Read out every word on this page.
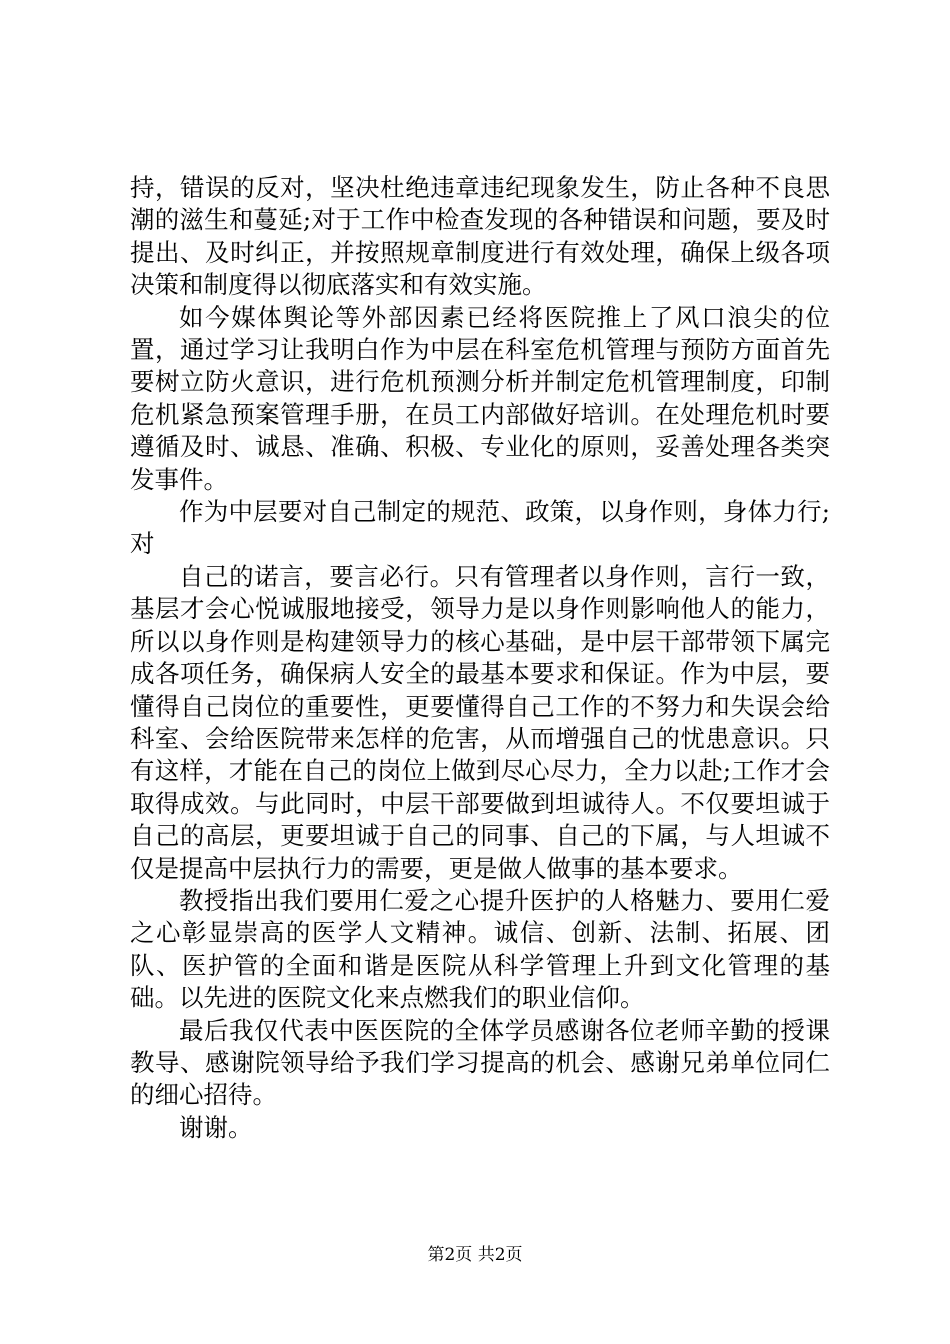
持，错误的反对，坚决杜绝违章违纪现象发生，防止各种不良思潮的滋生和蔓延;对于工作中检查发现的各种错误和问题，要及时提出、及时纠正，并按照规章制度进行有效处理，确保上级各项决策和制度得以彻底落实和有效实施。

如今媒体舆论等外部因素已经将医院推上了风口浪尖的位置，通过学习让我明白作为中层在科室危机管理与预防方面首先要树立防火意识，进行危机预测分析并制定危机管理制度，印制危机紧急预案管理手册，在员工内部做好培训。在处理危机时要遵循及时、诚恳、准确、积极、专业化的原则，妥善处理各类突发事件。

作为中层要对自己制定的规范、政策，以身作则，身体力行;对

自己的诺言，要言必行。只有管理者以身作则，言行一致，基层才会心悦诚服地接受，领导力是以身作则影响他人的能力，所以以身作则是构建领导力的核心基础，是中层干部带领下属完成各项任务，确保病人安全的最基本要求和保证。作为中层，要懂得自己岗位的重要性，更要懂得自己工作的不努力和失误会给科室、会给医院带来怎样的危害，从而增强自己的忧患意识。只有这样，才能在自己的岗位上做到尽心尽力，全力以赴;工作才会取得成效。与此同时，中层干部要做到坦诚待人。不仅要坦诚于自己的高层，更要坦诚于自己的同事、自己的下属，与人坦诚不仅是提高中层执行力的需要，更是做人做事的基本要求。

教授指出我们要用仁爱之心提升医护的人格魅力、要用仁爱之心彰显崇高的医学人文精神。诚信、创新、法制、拓展、团队、医护管的全面和谐是医院从科学管理上升到文化管理的基础。以先进的医院文化来点燃我们的职业信仰。

最后我仅代表中医医院的全体学员感谢各位老师辛勤的授课教导、感谢院领导给予我们学习提高的机会、感谢兄弟单位同仁的细心招待。

谢谢。

第2页 共2页
